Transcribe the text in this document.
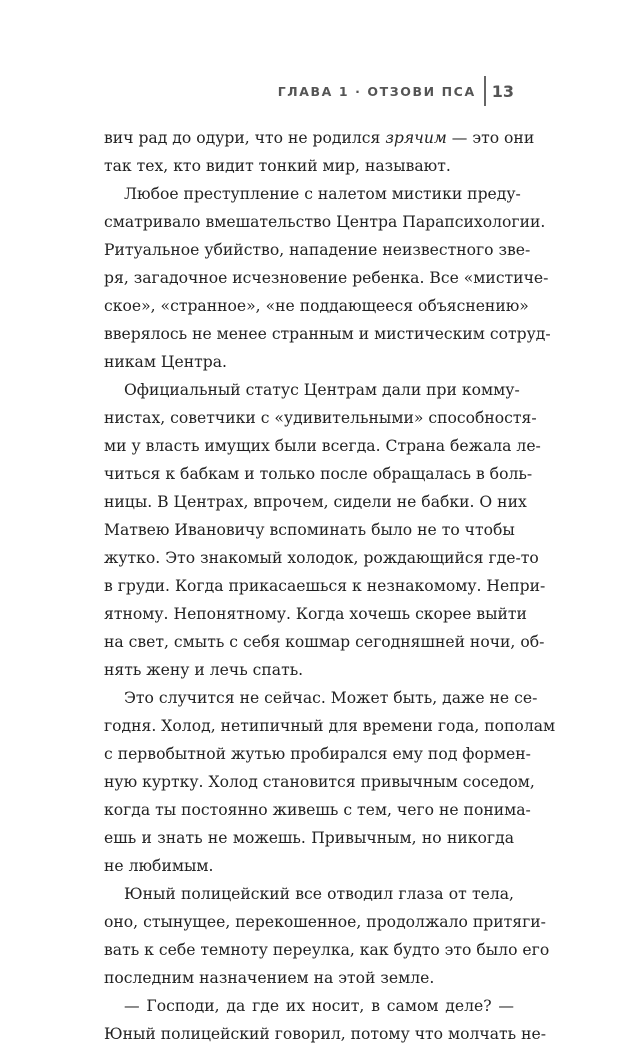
ГЛАВА 1 · ОТЗОВИ ПСА	13

вич рад до одури, что не родился зрячим — это они
так тех, кто видит тонкий мир, называют.

Любое преступление с налетом мистики преду-
сматривало вмешательство Центра Парапсихологии.
Ритуальное убийство, нападение неизвестного зве-
ря, загадочное исчезновение ребенка. Все «мистиче-
ское», «странное», «не поддающееся объяснению»
вверялось не менее странным и мистическим сотруд-
никам Центра.

Официальный статус Центрам дали при комму-
нистах, советчики с «удивительными» способностя-
ми у власть имущих были всегда. Страна бежала ле-
читься к бабкам и только после обращалась в боль-
ницы. В Центрах, впрочем, сидели не бабки. О них
Матвею Ивановичу вспоминать было не то чтобы
жутко. Это знакомый холодок, рождающийся где-то
в груди. Когда прикасаешься к незнакомому. Непри-
ятному. Непонятному. Когда хочешь скорее выйти
на свет, смыть с себя кошмар сегодняшней ночи, об-
нять жену и лечь спать.

Это случится не сейчас. Может быть, даже не се-
годня. Холод, нетипичный для времени года, пополам
с первобытной жутью пробирался ему под формен-
ную куртку. Холод становится привычным соседом,
когда ты постоянно живешь с тем, чего не понима-
ешь и знать не можешь. Привычным, но никогда
не любимым.

Юный полицейский все отводил глаза от тела,
оно, стынущее, перекошенное, продолжало притяги-
вать к себе темноту переулка, как будто это было его
последним назначением на этой земле.

— Господи, да где их носит, в самом деле? —
Юный полицейский говорил, потому что молчать не-
